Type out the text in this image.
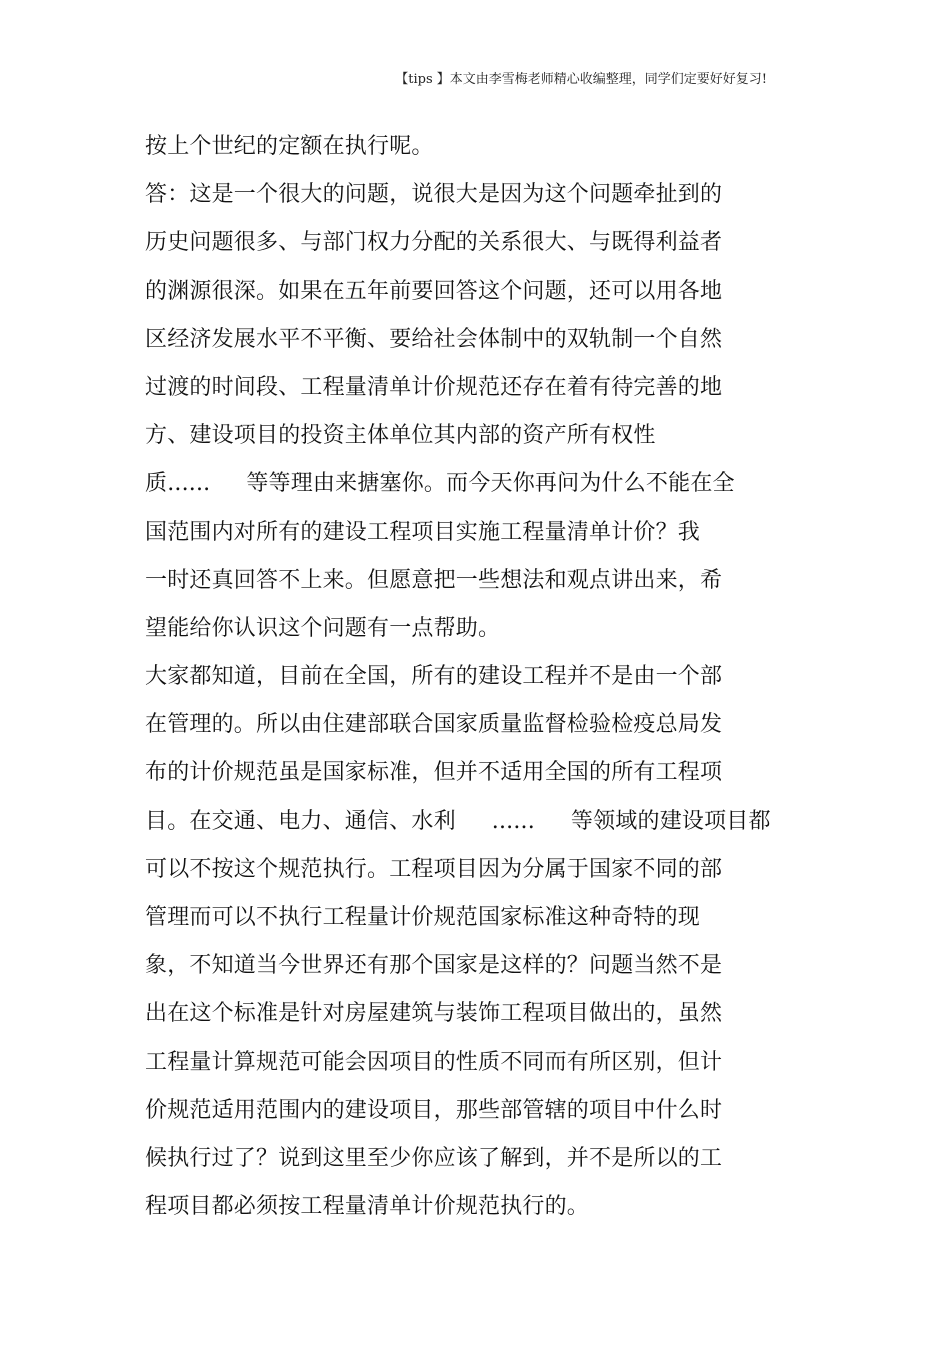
【tips 】本文由李雪梅老师精心收编整理，同学们定要好好复习!
按上个世纪的定额在执行呢。
答：这是一个很大的问题，说很大是因为这个问题牵扯到的
历史问题很多、与部门权力分配的关系很大、与既得利益者
的渊源很深。如果在五年前要回答这个问题，还可以用各地
区经济发展水平不平衡、要给社会体制中的双轨制一个自然
过渡的时间段、工程量清单计价规范还存在着有待完善的地
方、建设项目的投资主体单位其内部的资产所有权性
质......     等等理由来搪塞你。而今天你再问为什么不能在全
国范围内对所有的建设工程项目实施工程量清单计价？我
一时还真回答不上来。但愿意把一些想法和观点讲出来，希
望能给你认识这个问题有一点帮助。
大家都知道，目前在全国，所有的建设工程并不是由一个部
在管理的。所以由住建部联合国家质量监督检验检疫总局发
布的计价规范虽是国家标准，但并不适用全国的所有工程项
目。在交通、电力、通信、水利     ......     等领域的建设项目都
可以不按这个规范执行。工程项目因为分属于国家不同的部
管理而可以不执行工程量计价规范国家标准这种奇特的现
象，不知道当今世界还有那个国家是这样的？问题当然不是
出在这个标准是针对房屋建筑与装饰工程项目做出的，虽然
工程量计算规范可能会因项目的性质不同而有所区别，但计
价规范适用范围内的建设项目，那些部管辖的项目中什么时
候执行过了？说到这里至少你应该了解到，并不是所以的工
程项目都必须按工程量清单计价规范执行的。
